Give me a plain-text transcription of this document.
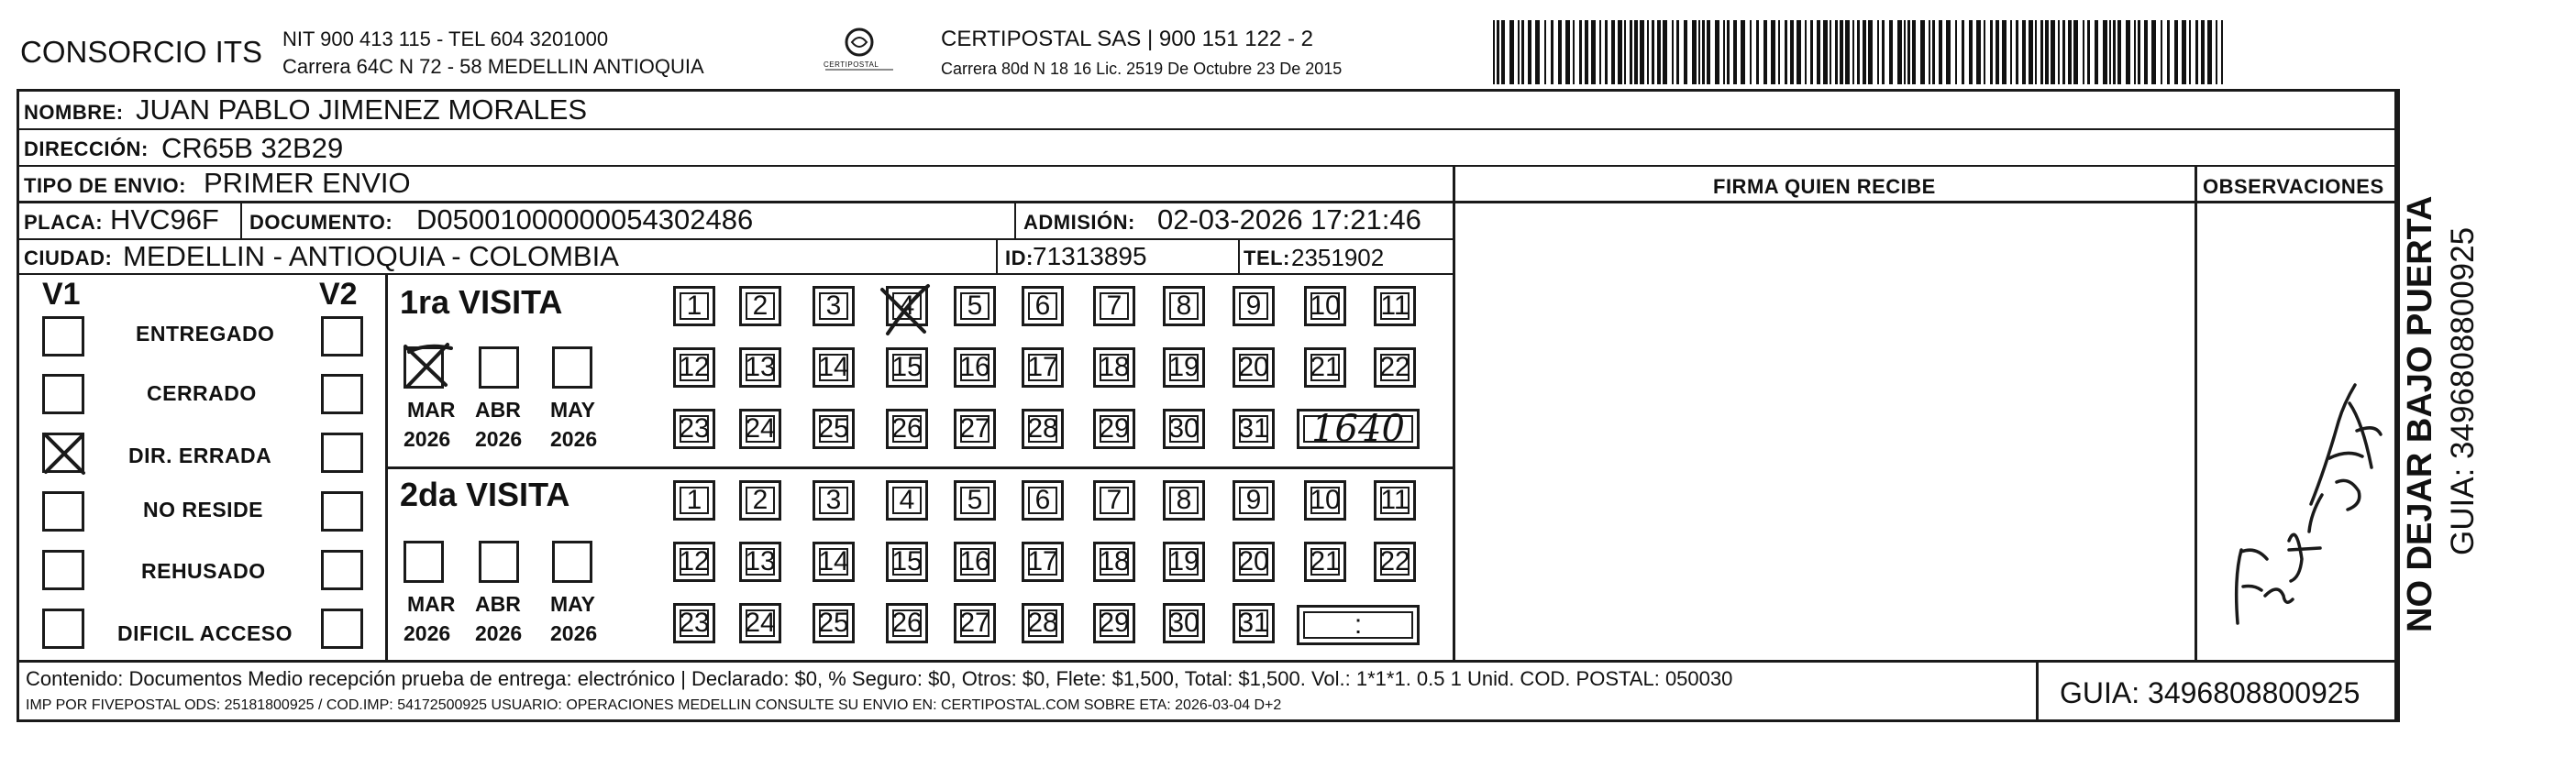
CONSORCIO ITS NIT 900 413 115 - TEL 604 3201000
Carrera 64C N 72 - 58 MEDELLIN ANTIOQUIA	CERTIPOSTAL
CERTIPOSTAL SAS | 900 151 122 - 2
Carrera 80d N 18 16 Lic. 2519 De Octubre 23 De 2015
NOMBRE: JUAN PABLO JIMENEZ MORALES
DIRECCIÓN: CR65B 32B29
TIPO DE ENVIO: PRIMER ENVIO	FIRMA QUIEN RECIBE	OBSERVACIONES
PLACA: HVC96F DOCUMENTO: D05001000000054302486	ADMISIÓN: 02-03-2026 17:21:46
CIUDAD: MEDELLIN - ANTIOQUIA - COLOMBIA	ID: 71313895	TEL: 2351902
V1	V2
ENTREGADO
CERRADO
DIR. ERRADA
NO RESIDE
REHUSADO
DIFICIL ACCESO
1ra VISITA
MAR ABR MAY
2026 2026 2026
1	2	3	4	5	6	7	8	9	10 11
12 13 14 15 16 17 18 19 20 21 22
23 24 25 26 27 28 29 30 31 1640
2da VISITA
MAR ABR MAY
2026 2026 2026
1	2	3	4	5	6	7	8	9	10 11
12 13 14 15 16 17 18 19 20 21 22
23 24 25 26 27 28 29 30 31	:	NO DEJAR BAJO PUERTA GUIA: 3496808800925
Contenido: Documentos Medio recepción prueba de entrega: electrónico | Declarado: $0, % Seguro: $0, Otros: $0, Flete: $1,500, Total: $1,500. Vol.: 1*1*1. 0.5 1 Unid. COD. POSTAL: 050030
IMP POR FIVEPOSTAL ODS: 25181800925 / COD.IMP: 54172500925 USUARIO: OPERACIONES MEDELLIN CONSULTE SU ENVIO EN: CERTIPOSTAL.COM SOBRE ETA: 2026-03-04 D+2	GUIA: 3496808800925
